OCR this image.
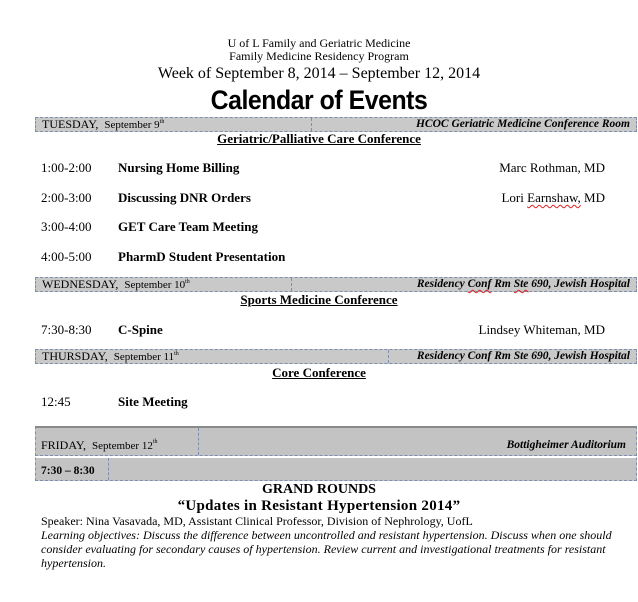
U of L Family and Geriatric Medicine
Family Medicine Residency Program
Week of September 8, 2014 – September 12, 2014
Calendar of Events
TUESDAY, September 9th	HCOC Geriatric Medicine Conference Room
Geriatric/Palliative Care Conference
1:00-2:00 Nursing Home Billing	Marc Rothman, MD
2:00-3:00 Discussing DNR Orders	Lori Earnshaw, MD
3:00-4:00 GET Care Team Meeting
4:00-5:00 PharmD Student Presentation
WEDNESDAY, September 10th	Residency Conf Rm Ste 690, Jewish Hospital
Sports Medicine Conference
7:30-8:30 C-Spine	Lindsey Whiteman, MD
THURSDAY, September 11th	Residency Conf Rm Ste 690, Jewish Hospital
Core Conference
12:45	Site Meeting
FRIDAY, September 12th	Bottigheimer Auditorium
7:30 – 8:30
GRAND ROUNDS
“Updates in Resistant Hypertension 2014”
Speaker: Nina Vasavada, MD, Assistant Clinical Professor, Division of Nephrology, UofL
Learning objectives: Discuss the difference between uncontrolled and resistant hypertension. Discuss when one should consider evaluating for secondary causes of hypertension. Review current and investigational treatments for resistant hypertension.
